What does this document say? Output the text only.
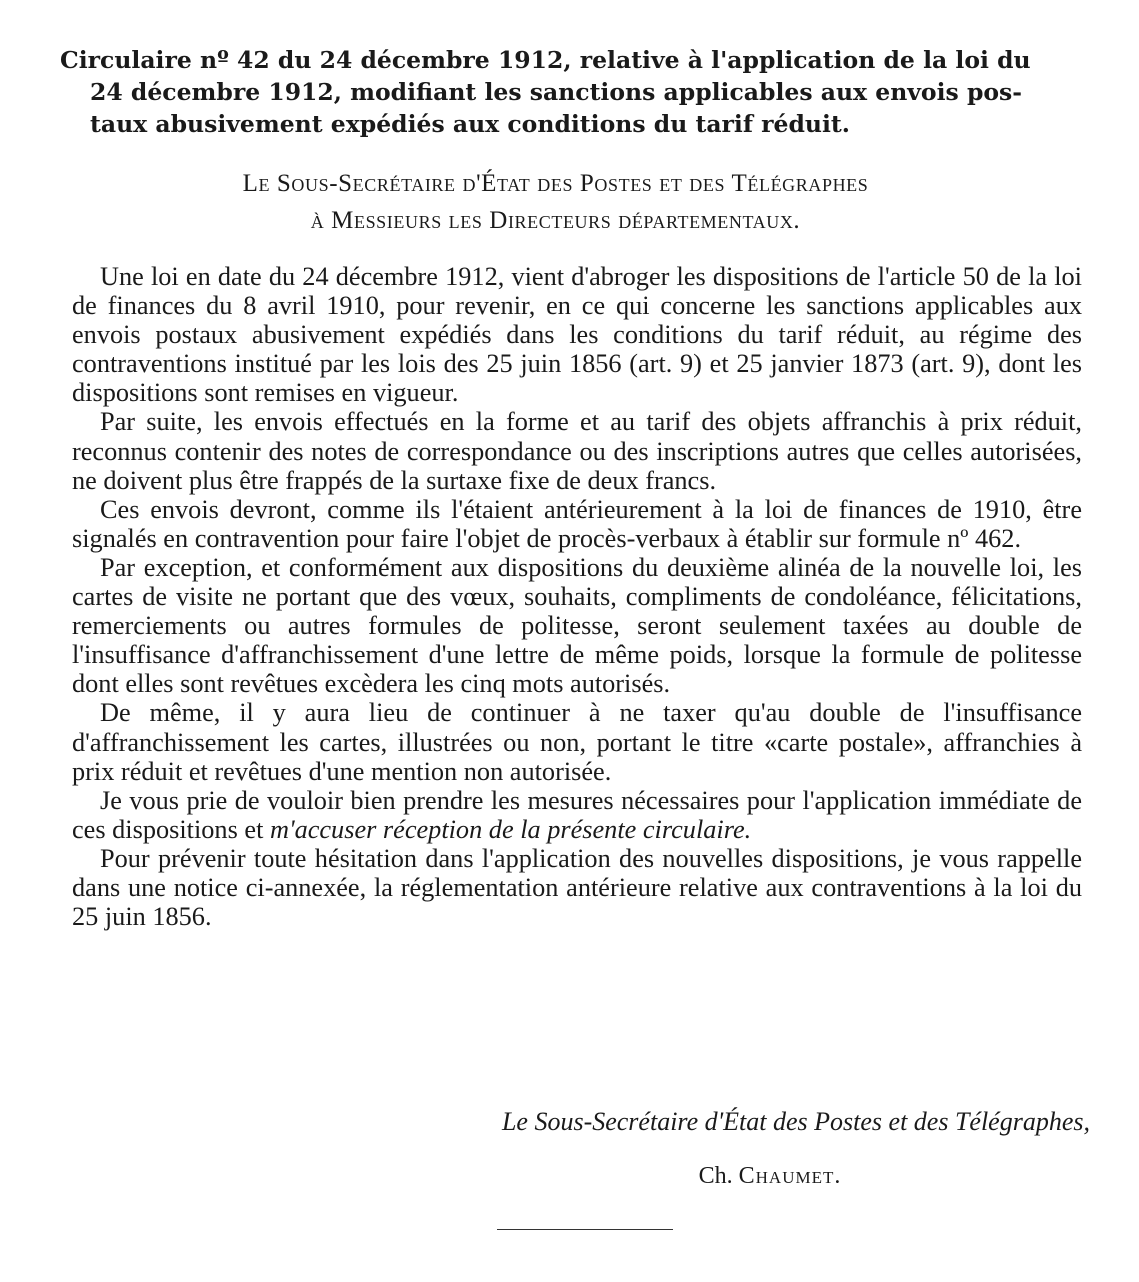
Circulaire nº 42 du 24 décembre 1912, relative à l'application de la loi du
24 décembre 1912, modifiant les sanctions applicables aux envois pos-
taux abusivement expédiés aux conditions du tarif réduit.
Le Sous-Secrétaire d'État des Postes et des Télégraphes
à Messieurs les Directeurs départementaux.

Une loi en date du 24 décembre 1912, vient d'abroger les dispositions de l'article 50 de la loi de finances du 8 avril 1910, pour revenir, en ce qui concerne les sanctions applicables aux envois postaux abusivement expédiés dans les conditions du tarif réduit, au régime des contraventions institué par les lois des 25 juin 1856 (art. 9) et 25 janvier 1873 (art. 9), dont les dispositions sont remises en vigueur.

Par suite, les envois effectués en la forme et au tarif des objets affranchis à prix réduit, reconnus contenir des notes de correspondance ou des inscriptions autres que celles autorisées, ne doivent plus être frappés de la surtaxe fixe de deux francs.

Ces envois devront, comme ils l'étaient antérieurement à la loi de finances de 1910, être signalés en contravention pour faire l'objet de procès-verbaux à établir sur formule nº 462.

Par exception, et conformément aux dispositions du deuxième alinéa de la nouvelle loi, les cartes de visite ne portant que des vœux, souhaits, compliments de condoléance, félicitations, remerciements ou autres formules de politesse, seront seulement taxées au double de l'insuffisance d'affranchissement d'une lettre de même poids, lorsque la formule de politesse dont elles sont revêtues excèdera les cinq mots autorisés.

De même, il y aura lieu de continuer à ne taxer qu'au double de l'insuffisance d'affranchissement les cartes, illustrées ou non, portant le titre «carte postale», affranchies à prix réduit et revêtues d'une mention non autorisée.

Je vous prie de vouloir bien prendre les mesures nécessaires pour l'application immédiate de ces dispositions et m'accuser réception de la présente circulaire.

Pour prévenir toute hésitation dans l'application des nouvelles dispositions, je vous rappelle dans une notice ci-annexée, la réglementation antérieure relative aux contraventions à la loi du 25 juin 1856.

Le Sous-Secrétaire d'État des Postes et des Télégraphes,
Ch. Chaumet.
